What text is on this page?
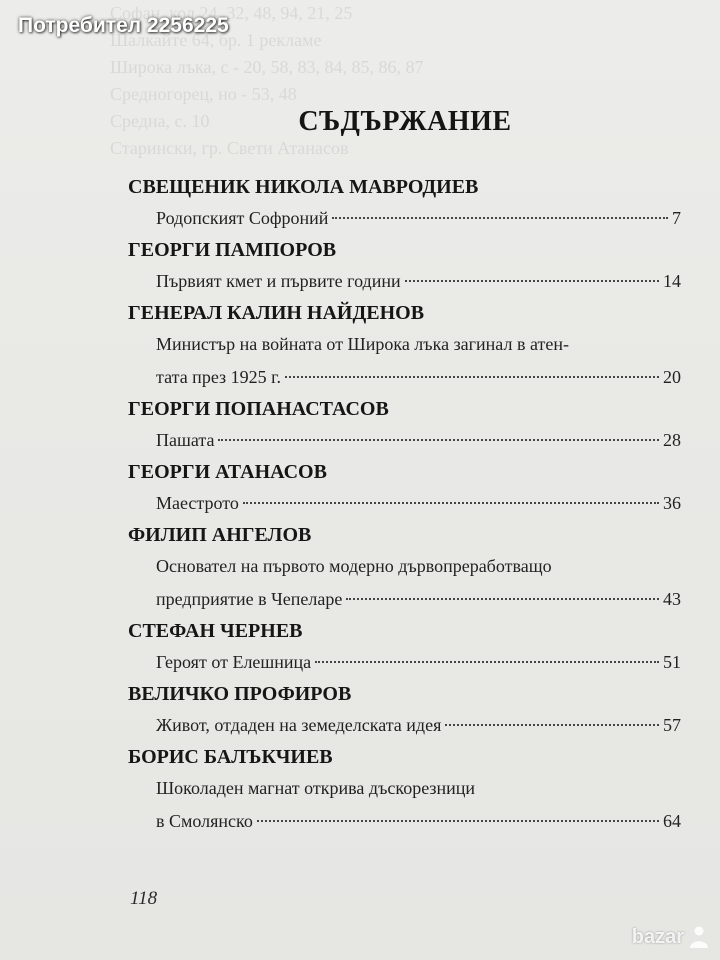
Софан, кол 24, 32, 48, 94, 21, 25
Шалкайте 64, бр. 1 рекламе
Широка лъка, с - 20, 58, 83, 84, 85, 86, 87
Средногорец, но - 53, 48
Средна, с. 10
Старински, гр. Свети Атанасов
Потребител 2256225
СЪДЪРЖАНИЕ
СВЕЩЕНИК НИКОЛА МАВРОДИЕВ
Родопският Софроний	7
ГЕОРГИ ПАМПОРОВ
Първият кмет и първите години	14
ГЕНЕРАЛ КАЛИН НАЙДЕНОВ
Министър на войната от Широка лъка загинал в атен-
тата през 1925 г.	20
ГЕОРГИ ПОПАНАСТАСОВ
Пашата	28
ГЕОРГИ АТАНАСОВ
Маестрото	36
ФИЛИП АНГЕЛОВ
Основател на първото модерно дървопреработващо
предприятие в Чепеларе	43
СТЕФАН ЧЕРНЕВ
Героят от Елешница	51
ВЕЛИЧКО ПРОФИРОВ
Живот, отдаден на земеделската идея	57
БОРИС БАЛЪКЧИЕВ
Шоколаден магнат открива дъскорезници
в Смолянско	64
118
bazar
